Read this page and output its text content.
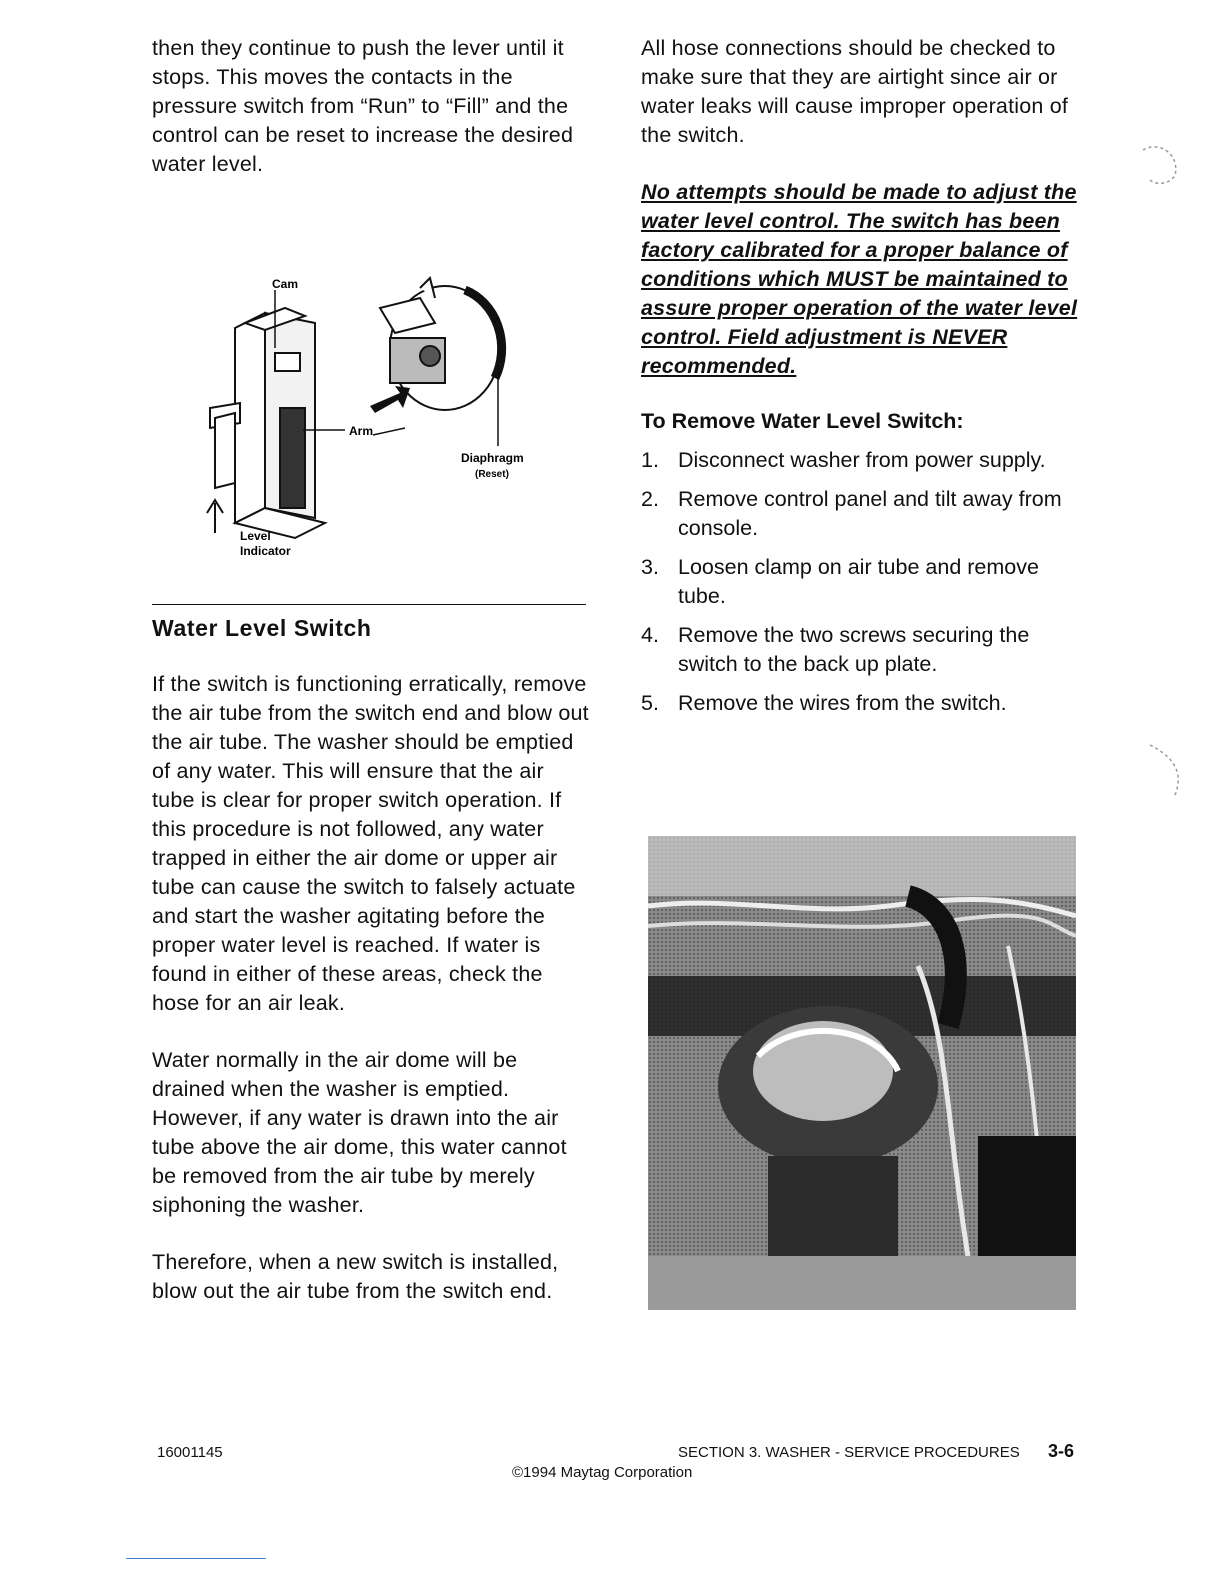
then they continue to push the lever until it stops. This moves the contacts in the pressure switch from “Run” to “Fill” and the control can be reset to increase the desired water level.

Cam
Arm
Diaphragm
(Reset)
Level
Indicator
Water Level Switch

If the switch is functioning erratically, remove the air tube from the switch end and blow out the air tube. The washer should be emptied of any water. This will ensure that the air tube is clear for proper switch operation. If this procedure is not followed, any water trapped in either the air dome or upper air tube can cause the switch to falsely actuate and start the washer agitating before the proper water level is reached. If water is found in either of these areas, check the hose for an air leak.

Water normally in the air dome will be drained when the washer is emptied. However, if any water is drawn into the air tube above the air dome, this water cannot be removed from the air tube by merely siphoning the washer.

Therefore, when a new switch is installed, blow out the air tube from the switch end.

All hose connections should be checked to make sure that they are airtight since air or water leaks will cause improper operation of the switch.

No attempts should be made to adjust the water level control. The switch has been factory calibrated for a proper balance of conditions which MUST be maintained to assure proper operation of the water level control. Field adjustment is NEVER recommended.

To Remove Water Level Switch:
1. Disconnect washer from power supply.
2. Remove control panel and tilt away from console.
3. Loosen clamp on air tube and remove tube.
4. Remove the two screws securing the switch to the back up plate.
5. Remove the wires from the switch.
16001145	SECTION 3. WASHER - SERVICE PROCEDURES 3-6
©1994 Maytag Corporation
